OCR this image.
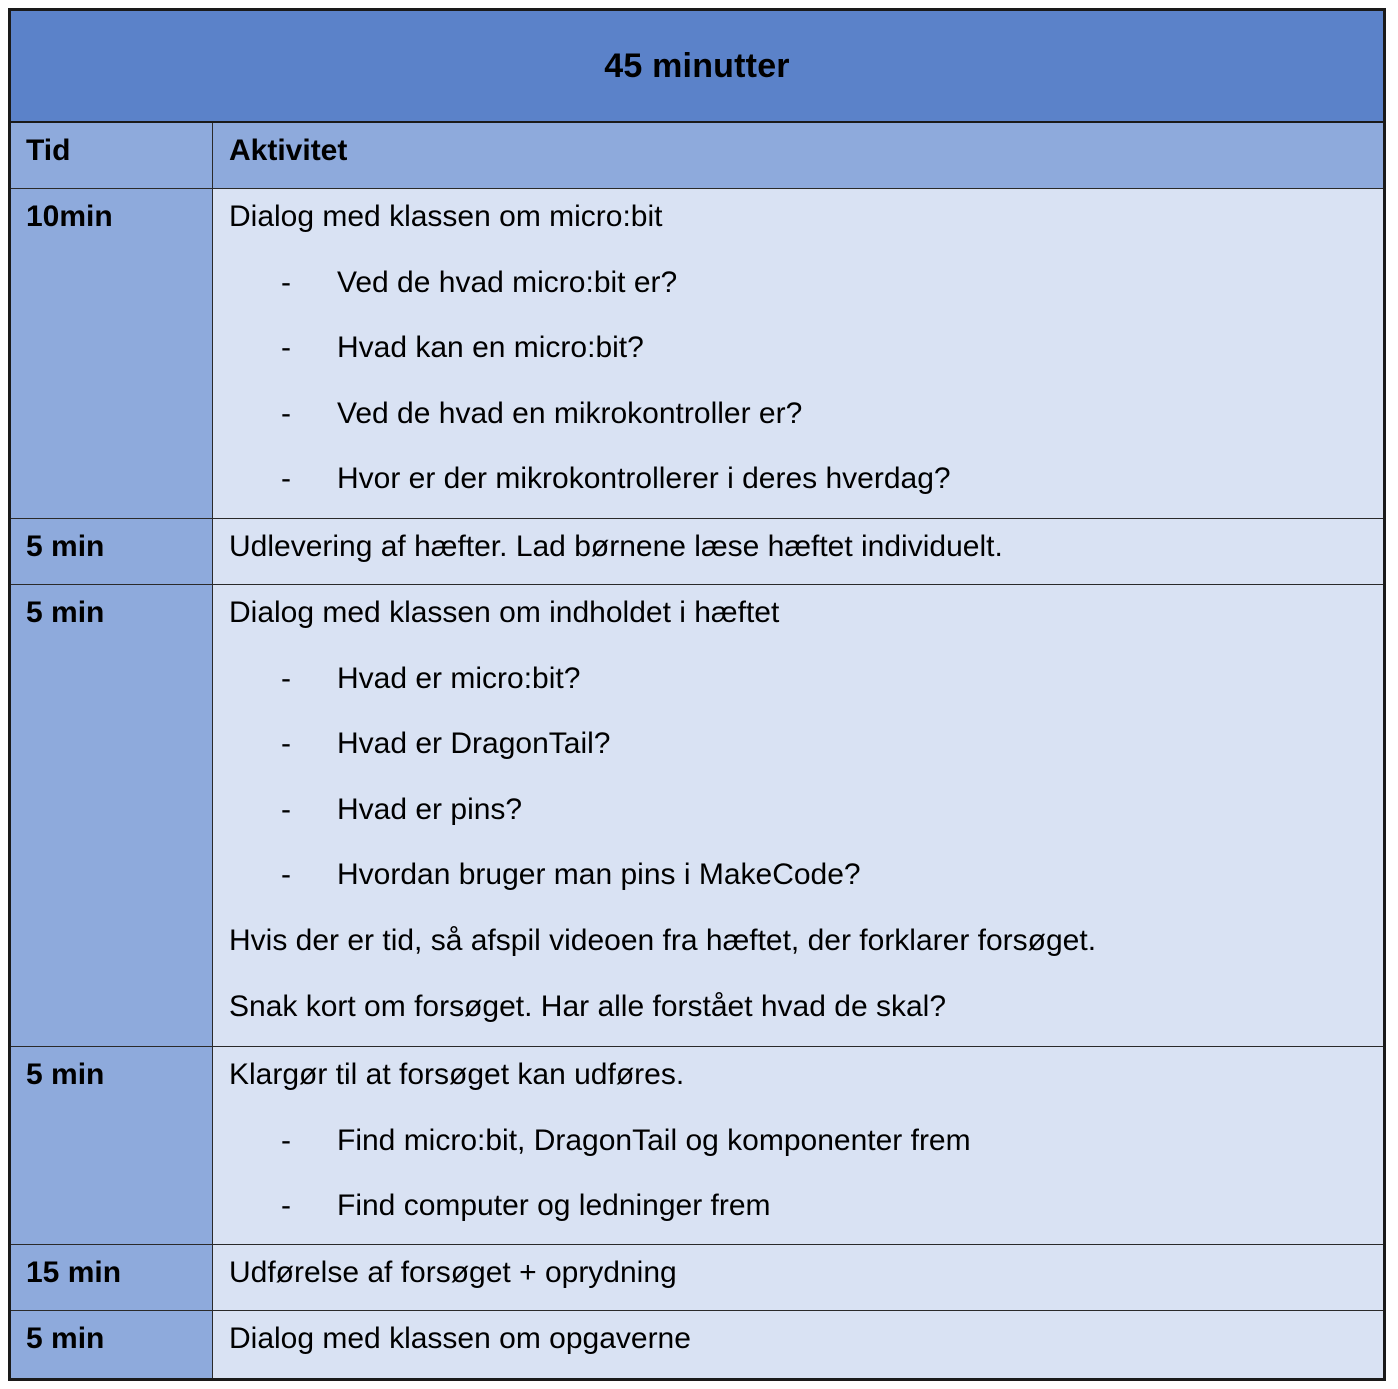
45 minutter
Tid	Aktivitet
10min	Dialog med klassen om micro:bit
- Ved de hvad micro:bit er?
- Hvad kan en micro:bit?
- Ved de hvad en mikrokontroller er?
- Hvor er der mikrokontrollerer i deres hverdag?
5 min	Udlevering af hæfter. Lad børnene læse hæftet individuelt.
5 min	Dialog med klassen om indholdet i hæftet
- Hvad er micro:bit?
- Hvad er DragonTail?
- Hvad er pins?
- Hvordan bruger man pins i MakeCode?
Hvis der er tid, så afspil videoen fra hæftet, der forklarer forsøget.
Snak kort om forsøget. Har alle forstået hvad de skal?
5 min	Klargør til at forsøget kan udføres.
- Find micro:bit, DragonTail og komponenter frem
- Find computer og ledninger frem
15 min	Udførelse af forsøget + oprydning
5 min	Dialog med klassen om opgaverne
